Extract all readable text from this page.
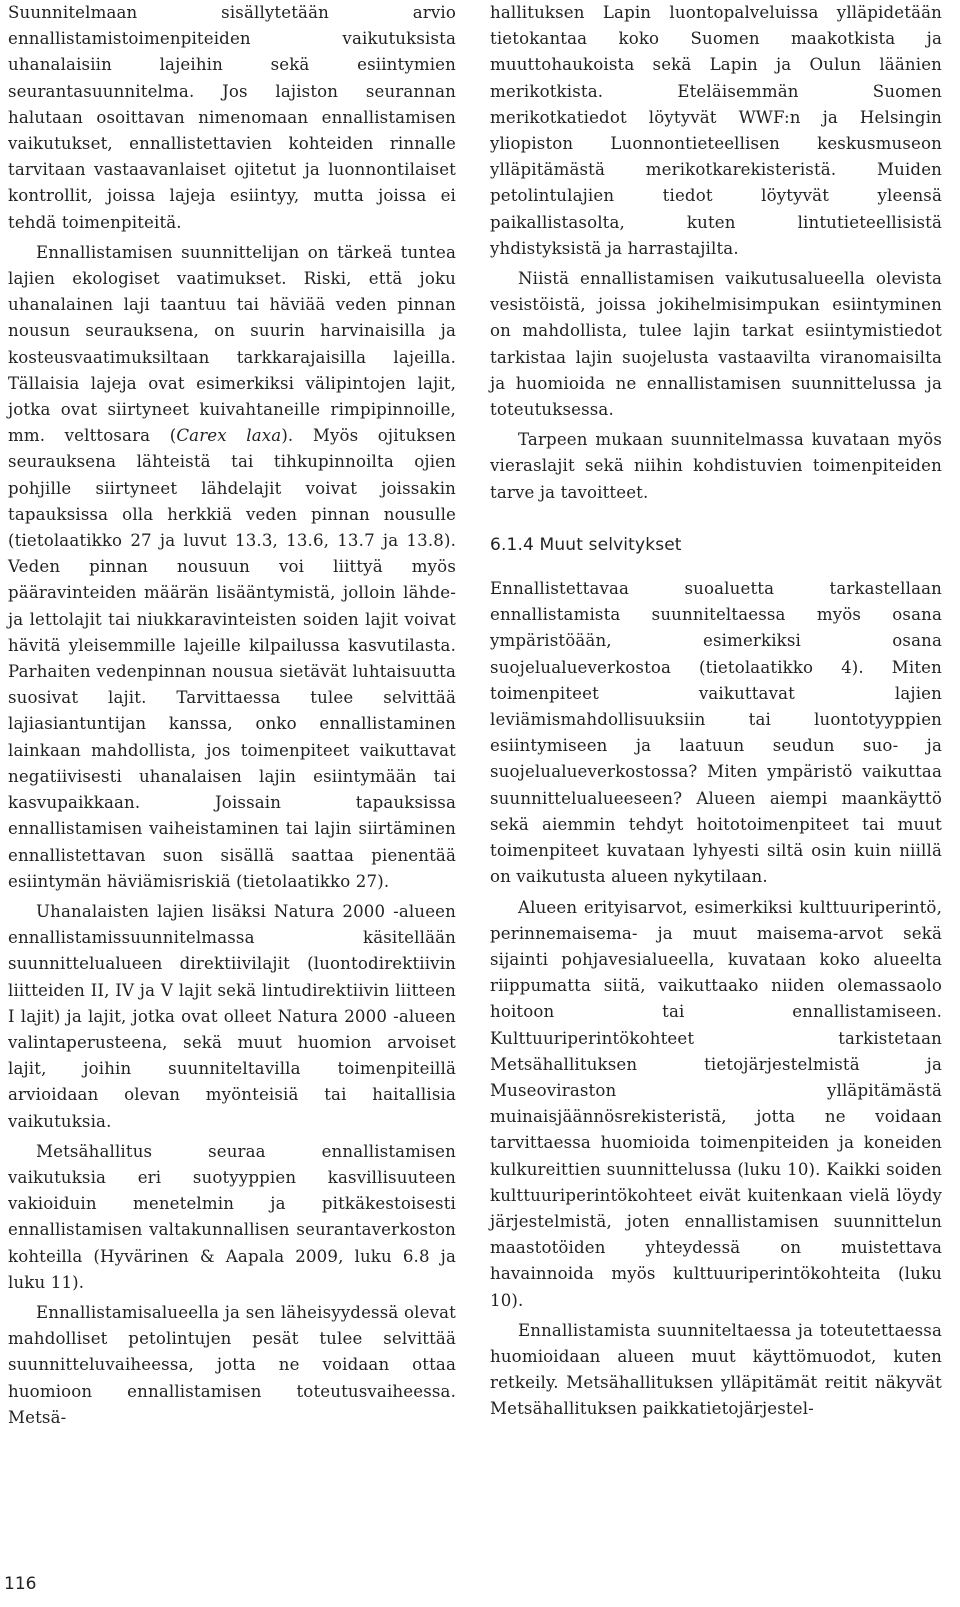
Suunnitelmaan sisällytetään arvio ennallistamistoimenpiteiden vaikutuksista uhanalaisiin lajeihin sekä esiintymien seurantasuunnitelma. Jos lajiston seurannan halutaan osoittavan nimenomaan ennallistamisen vaikutukset, ennallistettavien kohteiden rinnalle tarvitaan vastaavanlaiset ojitetut ja luonnontilaiset kontrollit, joissa lajeja esiintyy, mutta joissa ei tehdä toimenpiteitä.

Ennallistamisen suunnittelijan on tärkeä tuntea lajien ekologiset vaatimukset. Riski, että joku uhanalainen laji taantuu tai häviää veden pinnan nousun seurauksena, on suurin harvinaisilla ja kosteusvaatimuksiltaan tarkkarajaisilla lajeilla. Tällaisia lajeja ovat esimerkiksi välipintojen lajit, jotka ovat siirtyneet kuivahtaneille rimpipinnoille, mm. velttosara (Carex laxa). Myös ojituksen seurauksena lähteistä tai tihkupinnoilta ojien pohjille siirtyneet lähdelajit voivat joissakin tapauksissa olla herkkiä veden pinnan nousulle (tietolaatikko 27 ja luvut 13.3, 13.6, 13.7 ja 13.8). Veden pinnan nousuun voi liittyä myös pääravinteiden määrän lisääntymistä, jolloin lähde- ja lettolajit tai niukkaravinteisten soiden lajit voivat hävitä yleisemmille lajeille kilpailussa kasvutilasta. Parhaiten vedenpinnan nousua sietävät luhtaisuutta suosivat lajit. Tarvittaessa tulee selvittää lajiasiantuntijan kanssa, onko ennallistaminen lainkaan mahdollista, jos toimenpiteet vaikuttavat negatiivisesti uhanalaisen lajin esiintymään tai kasvupaikkaan. Joissain tapauksissa ennallistamisen vaiheistaminen tai lajin siirtäminen ennallistettavan suon sisällä saattaa pienentää esiintymän häviämisriskiä (tietolaatikko 27).

Uhanalaisten lajien lisäksi Natura 2000 -alueen ennallistamissuunnitelmassa käsitellään suunnittelualueen direktiivilajit (luontodirektiivin liitteiden II, IV ja V lajit sekä lintudirektiivin liitteen I lajit) ja lajit, jotka ovat olleet Natura 2000 -alueen valintaperusteena, sekä muut huomion arvoiset lajit, joihin suunniteltavilla toimenpiteillä arvioidaan olevan myönteisiä tai haitallisia vaikutuksia.

Metsähallitus seuraa ennallistamisen vaikutuksia eri suotyyppien kasvillisuuteen vakioiduin menetelmin ja pitkäkestoisesti ennallistamisen valtakunnallisen seurantaverkoston kohteilla (Hyvärinen & Aapala 2009, luku 6.8 ja luku 11).

Ennallistamisalueella ja sen läheisyydessä olevat mahdolliset petolintujen pesät tulee selvittää suunnitteluvaiheessa, jotta ne voidaan ottaa huomioon ennallistamisen toteutusvaiheessa. Metsä-

hallituksen Lapin luontopalveluissa ylläpidetään tietokantaa koko Suomen maakotkista ja muuttohaukoista sekä Lapin ja Oulun läänien merikotkista. Eteläisemmän Suomen merikotkatiedot löytyvät WWF:n ja Helsingin yliopiston Luonnontieteellisen keskusmuseon ylläpitämästä merikotkarekisteristä. Muiden petolintulajien tiedot löytyvät yleensä paikallistasolta, kuten lintutieteellisistä yhdistyksistä ja harrastajilta.

Niistä ennallistamisen vaikutusalueella olevista vesistöistä, joissa jokihelmisimpukan esiintyminen on mahdollista, tulee lajin tarkat esiintymistiedot tarkistaa lajin suojelusta vastaavilta viranomaisilta ja huomioida ne ennallistamisen suunnittelussa ja toteutuksessa.

Tarpeen mukaan suunnitelmassa kuvataan myös vieraslajit sekä niihin kohdistuvien toimenpiteiden tarve ja tavoitteet.

6.1.4 Muut selvitykset

Ennallistettavaa suoaluetta tarkastellaan ennallistamista suunniteltaessa myös osana ympäristöään, esimerkiksi osana suojelualueverkostoa (tietolaatikko 4). Miten toimenpiteet vaikuttavat lajien leviämismahdollisuuksiin tai luontotyyppien esiintymiseen ja laatuun seudun suo- ja suojelualueverkostossa? Miten ympäristö vaikuttaa suunnittelualueeseen? Alueen aiempi maankäyttö sekä aiemmin tehdyt hoitotoimenpiteet tai muut toimenpiteet kuvataan lyhyesti siltä osin kuin niillä on vaikutusta alueen nykytilaan.

Alueen erityisarvot, esimerkiksi kulttuuriperintö, perinnemaisema- ja muut maisema-arvot sekä sijainti pohjavesialueella, kuvataan koko alueelta riippumatta siitä, vaikuttaako niiden olemassaolo hoitoon tai ennallistamiseen. Kulttuuriperintökohteet tarkistetaan Metsähallituksen tietojärjestelmistä ja Museoviraston ylläpitämästä muinaisjäännösrekisteristä, jotta ne voidaan tarvittaessa huomioida toimenpiteiden ja koneiden kulkureittien suunnittelussa (luku 10). Kaikki soiden kulttuuriperintökohteet eivät kuitenkaan vielä löydy järjestelmistä, joten ennallistamisen suunnittelun maastotöiden yhteydessä on muistettava havainnoida myös kulttuuriperintökohteita (luku 10).

Ennallistamista suunniteltaessa ja toteutettaessa huomioidaan alueen muut käyttömuodot, kuten retkeily. Metsähallituksen ylläpitämät reitit näkyvät Metsähallituksen paikkatietojärjestel-

116
